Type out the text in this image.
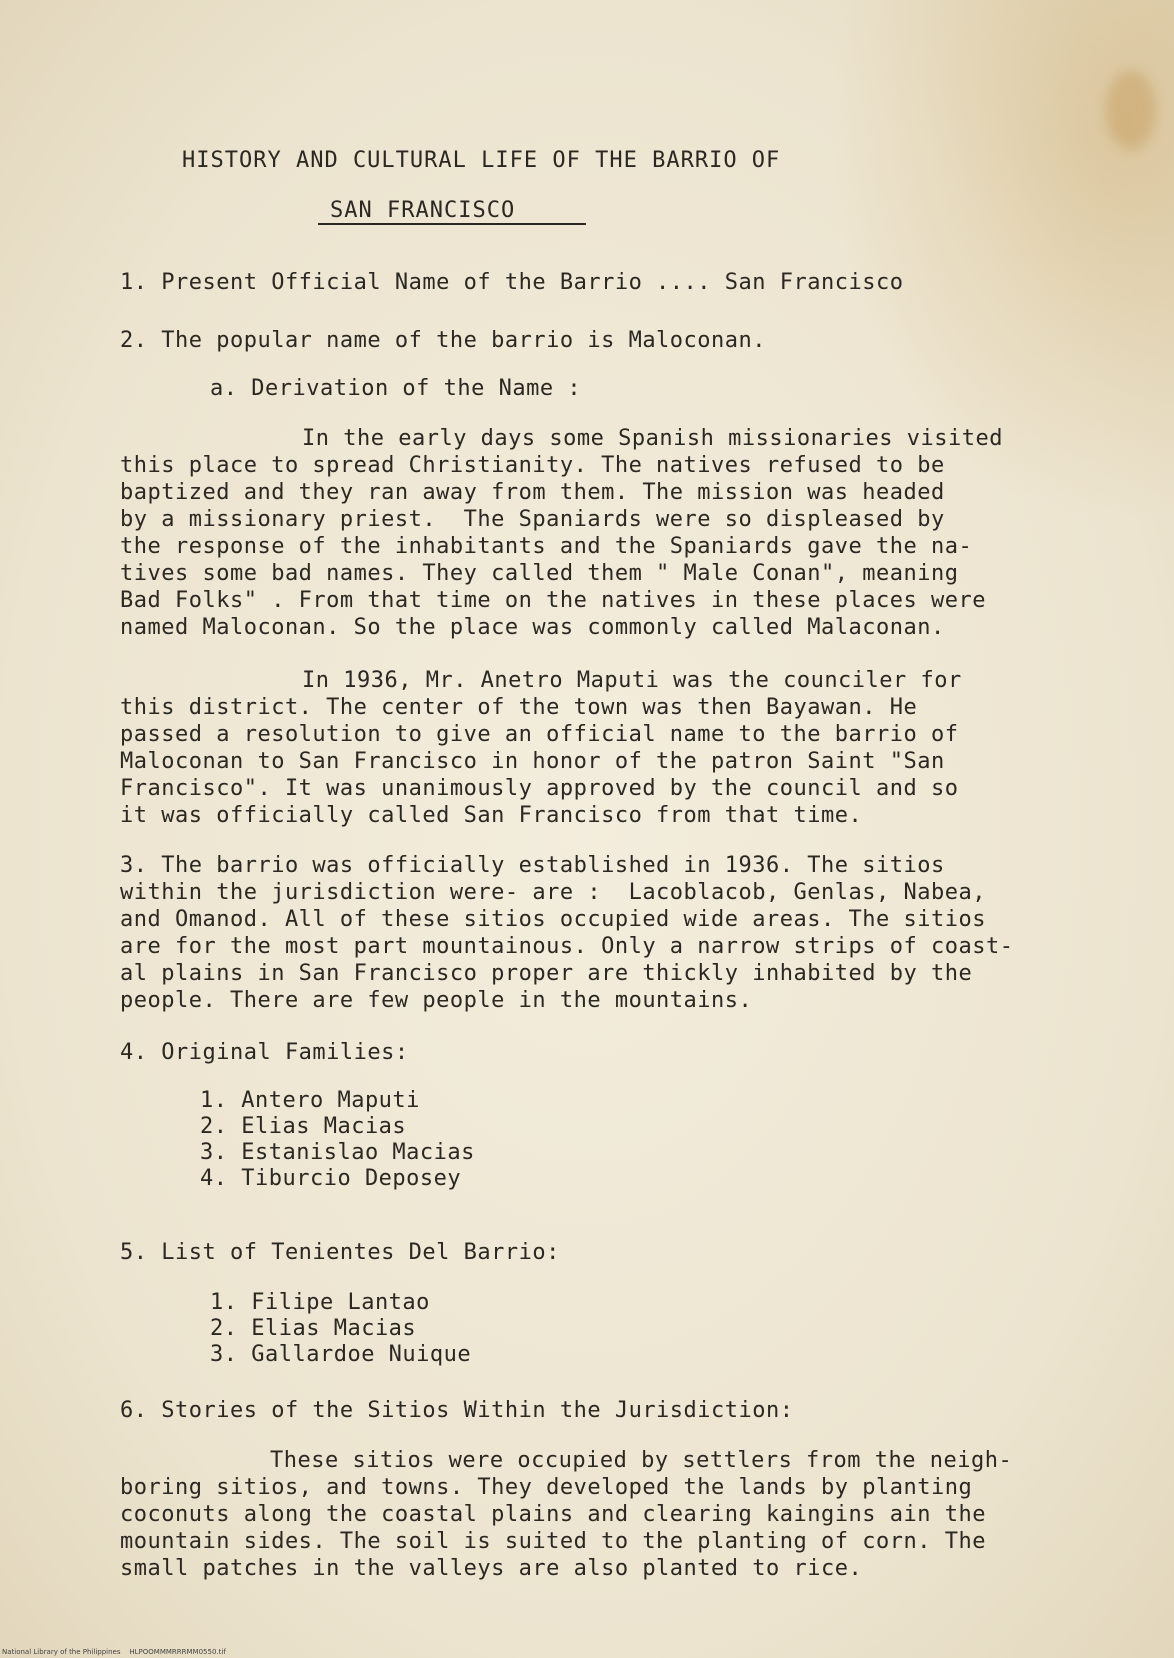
HISTORY AND CULTURAL LIFE OF THE BARRIO OF
SAN FRANCISCO
1. Present Official Name of the Barrio .... San Francisco
2. The popular name of the barrio is Maloconan.
a. Derivation of the Name :
In the early days some Spanish missionaries visited
this place to spread Christianity. The natives refused to be
baptized and they ran away from them. The mission was headed
by a missionary priest.  The Spaniards were so displeased by
the response of the inhabitants and the Spaniards gave the na-
tives some bad names. They called them " Male Conan", meaning
Bad Folks" . From that time on the natives in these places were
named Maloconan. So the place was commonly called Malaconan.
In 1936, Mr. Anetro Maputi was the counciler for
this district. The center of the town was then Bayawan. He
passed a resolution to give an official name to the barrio of
Maloconan to San Francisco in honor of the patron Saint "San
Francisco". It was unanimously approved by the council and so
it was officially called San Francisco from that time.
3. The barrio was officially established in 1936. The sitios
within the jurisdiction were- are :  Lacoblacob, Genlas, Nabea,
and Omanod. All of these sitios occupied wide areas. The sitios
are for the most part mountainous. Only a narrow strips of coast-
al plains in San Francisco proper are thickly inhabited by the
people. There are few people in the mountains.
4. Original Families:
1. Antero Maputi
2. Elias Macias
3. Estanislao Macias
4. Tiburcio Deposey
5. List of Tenientes Del Barrio:
1. Filipe Lantao
2. Elias Macias
3. Gallardoe Nuique
6. Stories of the Sitios Within the Jurisdiction:
These sitios were occupied by settlers from the neigh-
boring sitios, and towns. They developed the lands by planting
coconuts along the coastal plains and clearing kaingins ain the
mountain sides. The soil is suited to the planting of corn. The
small patches in the valleys are also planted to rice.
National Library of the Philippines    HLPOOMMMRRRMM0550.tif
